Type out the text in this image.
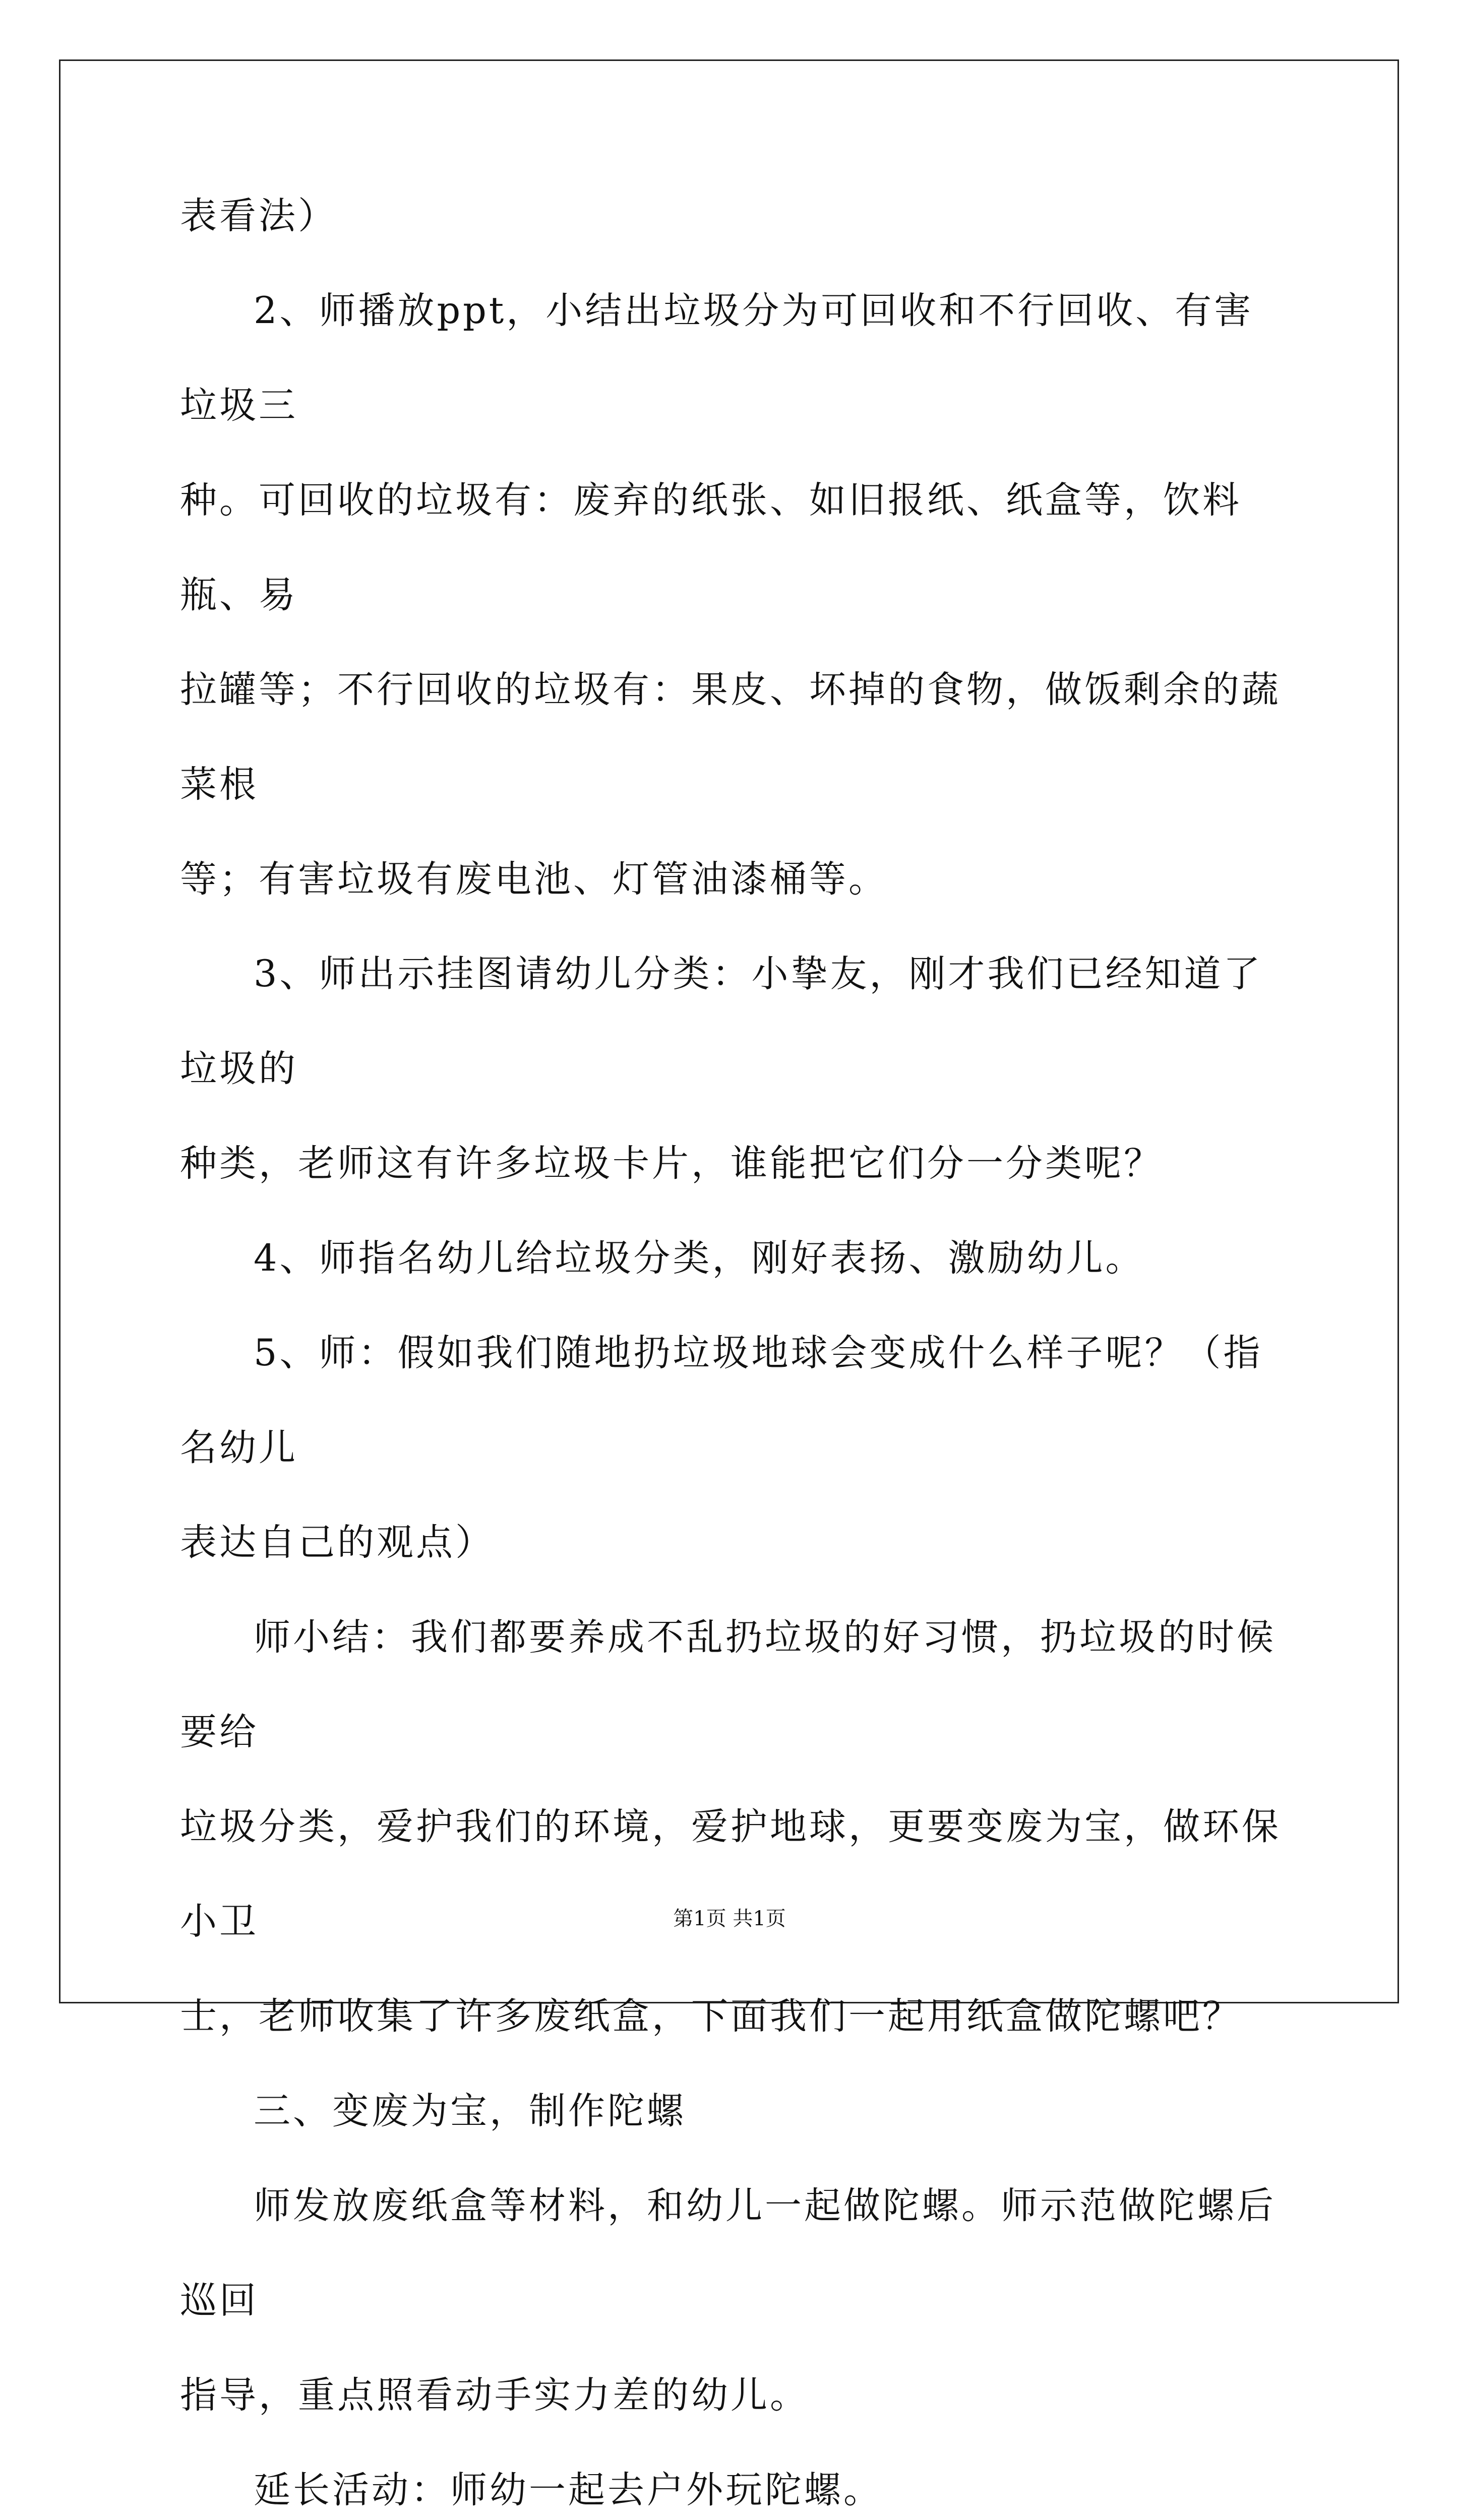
表看法）

2、师播放ppt，小结出垃圾分为可回收和不行回收、有害垃圾三

种。可回收的垃圾有：废弃的纸张、如旧报纸、纸盒等，饮料瓶、易

拉罐等；不行回收的垃圾有：果皮、坏掉的食物，做饭剩余的蔬菜根

等；有害垃圾有废电池、灯管油漆桶等。

3、师出示挂图请幼儿分类：小挚友，刚才我们已经知道了垃圾的

种类，老师这有许多垃圾卡片，谁能把它们分一分类呢？

4、师指名幼儿给垃圾分类，刚好表扬、激励幼儿。

5、师：假如我们随地扔垃圾地球会变成什么样子呢？（指名幼儿

表达自己的观点）

师小结：我们都要养成不乱扔垃圾的好习惯，扔垃圾的时候要给

垃圾分类，爱护我们的环境，爱护地球，更要变废为宝，做环保小卫

士，老师收集了许多废纸盒，下面我们一起用纸盒做陀螺吧？

三、变废为宝，制作陀螺

师发放废纸盒等材料，和幼儿一起做陀螺。师示范做陀螺后巡回

指导，重点照看动手实力差的幼儿。

延长活动：师幼一起去户外玩陀螺。

第1页 共1页
